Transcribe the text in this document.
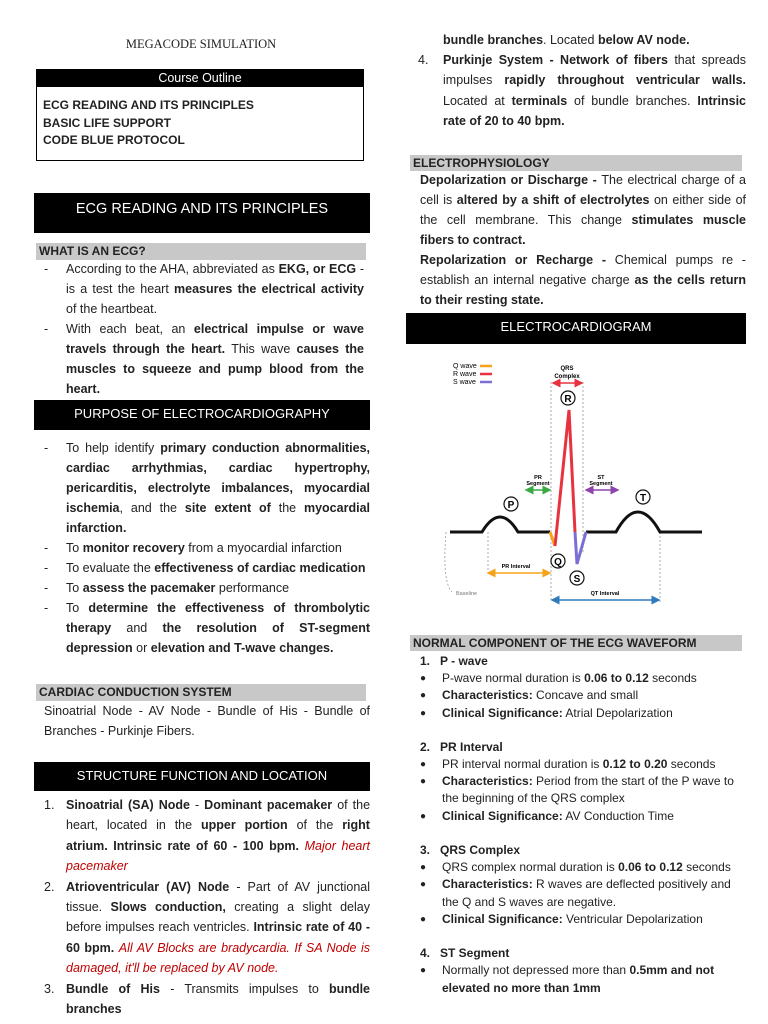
MEGACODE SIMULATION
Course Outline
ECG READING AND ITS PRINCIPLES
BASIC LIFE SUPPORT
CODE BLUE PROTOCOL
ECG READING AND ITS PRINCIPLES
WHAT IS AN ECG?
- According to the AHA, abbreviated as EKG, or ECG - is a test the heart measures the electrical activity of the heartbeat.
- With each beat, an electrical impulse or wave travels through the heart. This wave causes the muscles to squeeze and pump blood from the heart.
PURPOSE OF ELECTROCARDIOGRAPHY
- To help identify primary conduction abnormalities, cardiac arrhythmias, cardiac hypertrophy, pericarditis, electrolyte imbalances, myocardial ischemia, and the site extent of the myocardial infarction.
- To monitor recovery from a myocardial infarction
- To evaluate the effectiveness of cardiac medication
- To assess the pacemaker performance
- To determine the effectiveness of thrombolytic therapy and the resolution of ST-segment depression or elevation and T-wave changes.
CARDIAC CONDUCTION SYSTEM
Sinoatrial Node - AV Node - Bundle of His - Bundle of Branches - Purkinje Fibers.
STRUCTURE FUNCTION AND LOCATION
1. Sinoatrial (SA) Node - Dominant pacemaker of the heart, located in the upper portion of the right atrium. Intrinsic rate of 60 - 100 bpm. Major heart pacemaker
2. Atrioventricular (AV) Node - Part of AV junctional tissue. Slows conduction, creating a slight delay before impulses reach ventricles. Intrinsic rate of 40 - 60 bpm. All AV Blocks are bradycardia. If SA Node is damaged, it'll be replaced by AV node.
3. Bundle of His - Transmits impulses to bundle branches
bundle branches. Located below AV node.
4. Purkinje System - Network of fibers that spreads impulses rapidly throughout ventricular walls. Located at terminals of bundle branches. Intrinsic rate of 20 to 40 bpm.
ELECTROPHYSIOLOGY
Depolarization or Discharge - The electrical charge of a cell is altered by a shift of electrolytes on either side of the cell membrane. This change stimulates muscle fibers to contract.
Repolarization or Recharge - Chemical pumps re - establish an internal negative charge as the cells return to their resting state.
ELECTROCARDIOGRAM
Q wave
R wave
S wave
QRS
Complex
PR
Segment
ST
Segment
Baseline
P
R
Q
S
T
PR Interval
QT Interval
NORMAL COMPONENT OF THE ECG WAVEFORM
1. P - wave
● P-wave normal duration is 0.06 to 0.12 seconds
● Characteristics: Concave and small
● Clinical Significance: Atrial Depolarization
2. PR Interval
● PR interval normal duration is 0.12 to 0.20 seconds
● Characteristics: Period from the start of the P wave to the beginning of the QRS complex
● Clinical Significance: AV Conduction Time
3. QRS Complex
● QRS complex normal duration is 0.06 to 0.12 seconds
● Characteristics: R waves are deflected positively and the Q and S waves are negative.
● Clinical Significance: Ventricular Depolarization
4. ST Segment
● Normally not depressed more than 0.5mm and not elevated no more than 1mm
